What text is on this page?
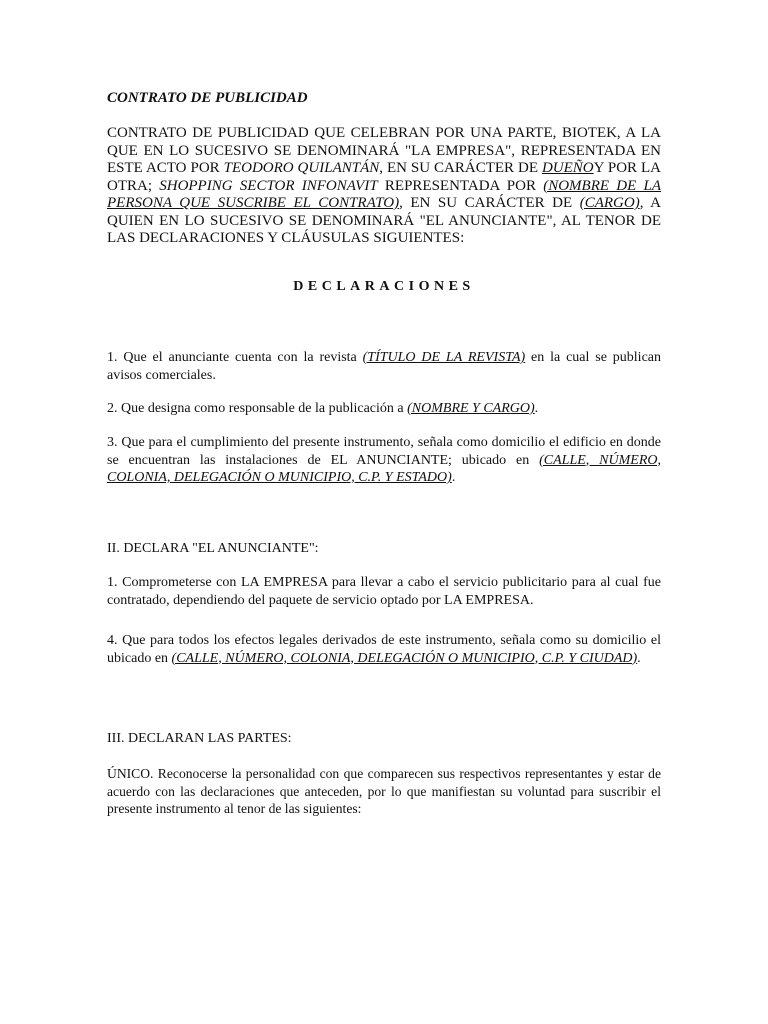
CONTRATO DE PUBLICIDAD

CONTRATO DE PUBLICIDAD QUE CELEBRAN POR UNA PARTE, BIOTEK, A LA QUE EN LO SUCESIVO SE DENOMINARÁ "LA EMPRESA", REPRESENTADA EN ESTE ACTO POR TEODORO QUILANTÁN, EN SU CARÁCTER DE DUEÑOY POR LA OTRA; SHOPPING SECTOR INFONAVIT REPRESENTADA POR (NOMBRE DE LA PERSONA QUE SUSCRIBE EL CONTRATO), EN SU CARÁCTER DE (CARGO), A QUIEN EN LO SUCESIVO SE DENOMINARÁ "EL ANUNCIANTE", AL TENOR DE LAS DECLARACIONES Y CLÁUSULAS SIGUIENTES:

DECLARACIONES

1. Que el anunciante cuenta con la revista (TÍTULO DE LA REVISTA) en la cual se publican avisos comerciales.

2. Que designa como responsable de la publicación a (NOMBRE Y CARGO).

3. Que para el cumplimiento del presente instrumento, señala como domicilio el edificio en donde se encuentran las instalaciones de EL ANUNCIANTE; ubicado en (CALLE, NÚMERO, COLONIA, DELEGACIÓN O MUNICIPIO, C.P. Y ESTADO).

II. DECLARA "EL ANUNCIANTE":

1. Comprometerse con LA EMPRESA para llevar a cabo el servicio publicitario para al cual fue contratado, dependiendo del paquete de servicio optado por LA EMPRESA.

4. Que para todos los efectos legales derivados de este instrumento, señala como su domicilio el ubicado en (CALLE, NÚMERO, COLONIA, DELEGACIÓN O MUNICIPIO, C.P. Y CIUDAD).

III. DECLARAN LAS PARTES:

ÚNICO. Reconocerse la personalidad con que comparecen sus respectivos representantes y estar de acuerdo con las declaraciones que anteceden, por lo que manifiestan su voluntad para suscribir el presente instrumento al tenor de las siguientes:
